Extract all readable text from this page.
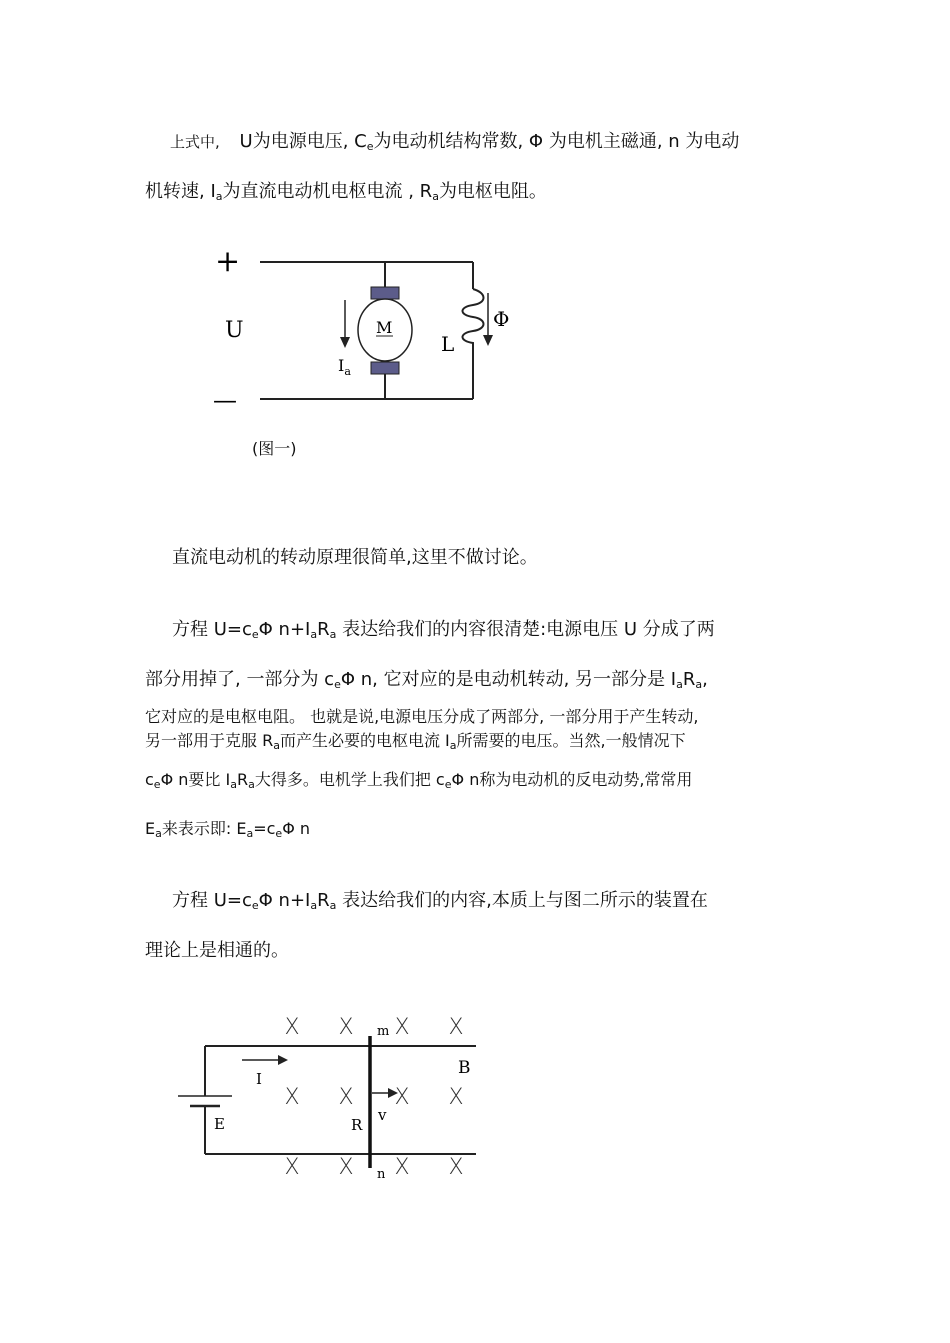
上式中, U为电源电压, $C_e$为电动机结构常数, Φ 为电机主磁通, n 为电动
机转速, $I_a$为直流电动机电枢电流 , $R_a$为电枢电阻。
+
—
U	M
$I_a$
L
Φ
(图一)
直流电动机的转动原理很简单,这里不做讨论。
方程 $U=c_e\Phi$ $n+I_aR_a$ 表达给我们的内容很清楚:电源电压 U 分成了两
部分用掉了, 一部分为 $c_e\Phi$ n, 它对应的是电动机转动, 另一部分是 $I_aR_a$,
它对应的是电枢电阻。 也就是说,电源电压分成了两部分, 一部分用于产生转动,
另一部用于克服 $R_a$而产生必要的电枢电流 $I_a$所需要的电压。当然,一般情况下
$c_e\Phi$ n要比 $I_aR_a$大得多。电机学上我们把 $c_e\Phi$ n称为电动机的反电动势,常常用
$E_a$来表示即: $E_a=c_e\Phi$ n
方程 $U=c_e\Phi$ $n+I_aR_a$ 表达给我们的内容,本质上与图二所示的装置在
理论上是相通的。
E
I
m
n
R
v
B
X X X X
X X X X
X X X X
